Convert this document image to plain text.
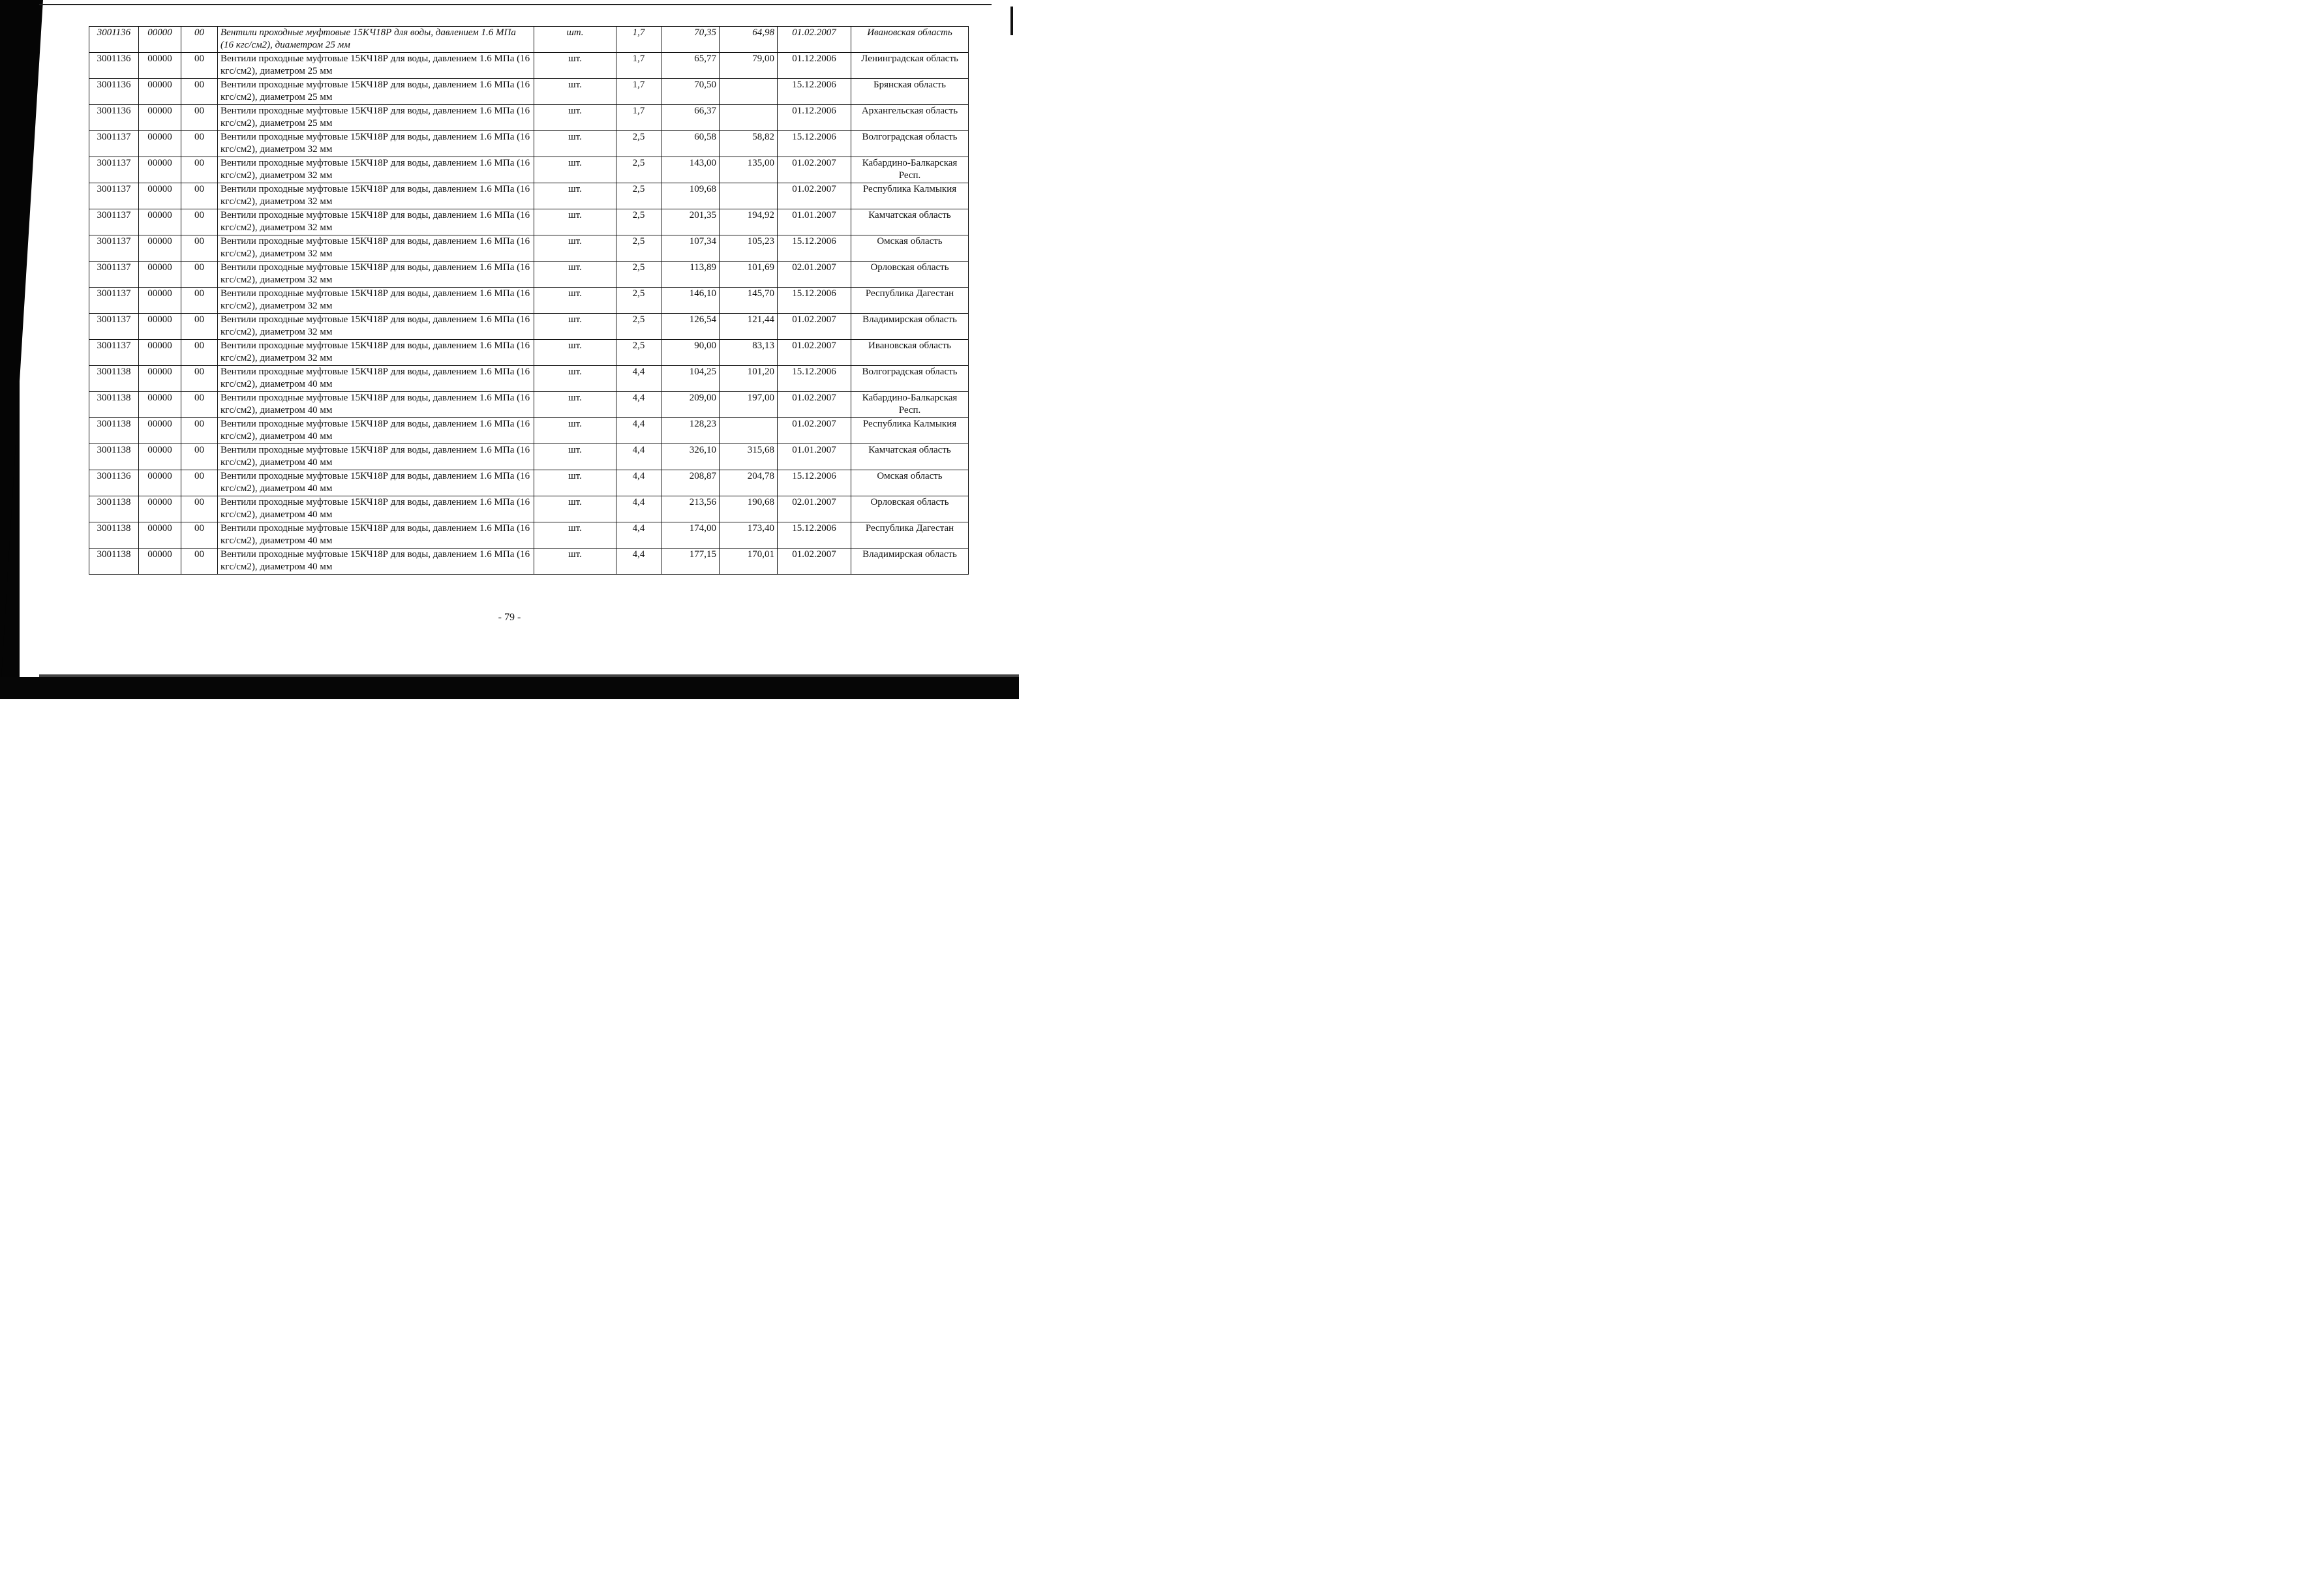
3001136	00000	00	Вентили проходные муфтовые 15КЧ18Р для воды, давлением 1.6 МПа (16 кгс/см2), диаметром 25 мм	шт.	1,7	70,35	64,98	01.02.2007	Ивановская область
3001136	00000	00	Вентили проходные муфтовые 15КЧ18Р для воды, давлением 1.6 МПа (16 кгс/см2), диаметром 25 мм	шт.	1,7	65,77	79,00	01.12.2006	Ленинградская область
3001136	00000	00	Вентили проходные муфтовые 15КЧ18Р для воды, давлением 1.6 МПа (16 кгс/см2), диаметром 25 мм	шт.	1,7	70,50		15.12.2006	Брянская область
3001136	00000	00	Вентили проходные муфтовые 15КЧ18Р для воды, давлением 1.6 МПа (16 кгс/см2), диаметром 25 мм	шт.	1,7	66,37		01.12.2006	Архангельская область
3001137	00000	00	Вентили проходные муфтовые 15КЧ18Р для воды, давлением 1.6 МПа (16 кгс/см2), диаметром 32 мм	шт.	2,5	60,58	58,82	15.12.2006	Волгоградская область
3001137	00000	00	Вентили проходные муфтовые 15КЧ18Р для воды, давлением 1.6 МПа (16 кгс/см2), диаметром 32 мм	шт.	2,5	143,00	135,00	01.02.2007	Кабардино-Балкарская Респ.
3001137	00000	00	Вентили проходные муфтовые 15КЧ18Р для воды, давлением 1.6 МПа (16 кгс/см2), диаметром 32 мм	шт.	2,5	109,68		01.02.2007	Республика Калмыкия
3001137	00000	00	Вентили проходные муфтовые 15КЧ18Р для воды, давлением 1.6 МПа (16 кгс/см2), диаметром 32 мм	шт.	2,5	201,35	194,92	01.01.2007	Камчатская область
3001137	00000	00	Вентили проходные муфтовые 15КЧ18Р для воды, давлением 1.6 МПа (16 кгс/см2), диаметром 32 мм	шт.	2,5	107,34	105,23	15.12.2006	Омская область
3001137	00000	00	Вентили проходные муфтовые 15КЧ18Р для воды, давлением 1.6 МПа (16 кгс/см2), диаметром 32 мм	шт.	2,5	113,89	101,69	02.01.2007	Орловская область
3001137	00000	00	Вентили проходные муфтовые 15КЧ18Р для воды, давлением 1.6 МПа (16 кгс/см2), диаметром 32 мм	шт.	2,5	146,10	145,70	15.12.2006	Республика Дагестан
3001137	00000	00	Вентили проходные муфтовые 15КЧ18Р для воды, давлением 1.6 МПа (16 кгс/см2), диаметром 32 мм	шт.	2,5	126,54	121,44	01.02.2007	Владимирская область
3001137	00000	00	Вентили проходные муфтовые 15КЧ18Р для воды, давлением 1.6 МПа (16 кгс/см2), диаметром 32 мм	шт.	2,5	90,00	83,13	01.02.2007	Ивановская область
3001138	00000	00	Вентили проходные муфтовые 15КЧ18Р для воды, давлением 1.6 МПа (16 кгс/см2), диаметром 40 мм	шт.	4,4	104,25	101,20	15.12.2006	Волгоградская область
3001138	00000	00	Вентили проходные муфтовые 15КЧ18Р для воды, давлением 1.6 МПа (16 кгс/см2), диаметром 40 мм	шт.	4,4	209,00	197,00	01.02.2007	Кабардино-Балкарская Респ.
3001138	00000	00	Вентили проходные муфтовые 15КЧ18Р для воды, давлением 1.6 МПа (16 кгс/см2), диаметром 40 мм	шт.	4,4	128,23		01.02.2007	Республика Калмыкия
3001138	00000	00	Вентили проходные муфтовые 15КЧ18Р для воды, давлением 1.6 МПа (16 кгс/см2), диаметром 40 мм	шт.	4,4	326,10	315,68	01.01.2007	Камчатская область
3001136	00000	00	Вентили проходные муфтовые 15КЧ18Р для воды, давлением 1.6 МПа (16 кгс/см2), диаметром 40 мм	шт.	4,4	208,87	204,78	15.12.2006	Омская область
3001138	00000	00	Вентили проходные муфтовые 15КЧ18Р для воды, давлением 1.6 МПа (16 кгс/см2), диаметром 40 мм	шт.	4,4	213,56	190,68	02.01.2007	Орловская область
3001138	00000	00	Вентили проходные муфтовые 15КЧ18Р для воды, давлением 1.6 МПа (16 кгс/см2), диаметром 40 мм	шт.	4,4	174,00	173,40	15.12.2006	Республика Дагестан
3001138	00000	00	Вентили проходные муфтовые 15КЧ18Р для воды, давлением 1.6 МПа (16 кгс/см2), диаметром 40 мм	шт.	4,4	177,15	170,01	01.02.2007	Владимирская область
- 79 -
